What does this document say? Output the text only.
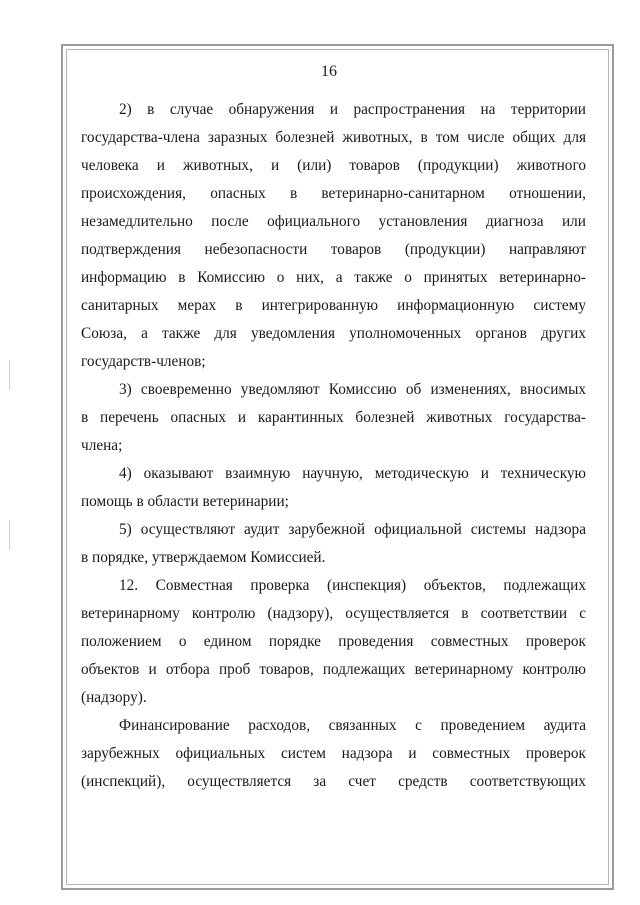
16
2) в случае обнаружения и распространения на территории
государства-члена заразных болезней животных, в том числе общих для
человека и животных, и (или) товаров (продукции) животного
происхождения, опасных в ветеринарно-санитарном отношении,
незамедлительно после официального установления диагноза или
подтверждения небезопасности товаров (продукции) направляют
информацию в Комиссию о них, а также о принятых ветеринарно-
санитарных мерах в интегрированную информационную систему
Союза, а также для уведомления уполномоченных органов других
государств-членов;
3) своевременно уведомляют Комиссию об изменениях, вносимых
в перечень опасных и карантинных болезней животных государства-
члена;
4) оказывают взаимную научную, методическую и техническую
помощь в области ветеринарии;
5) осуществляют аудит зарубежной официальной системы надзора
в порядке, утверждаемом Комиссией.
12. Совместная проверка (инспекция) объектов, подлежащих
ветеринарному контролю (надзору), осуществляется в соответствии с
положением о едином порядке проведения совместных проверок
объектов и отбора проб товаров, подлежащих ветеринарному контролю
(надзору).
Финансирование расходов, связанных с проведением аудита
зарубежных официальных систем надзора и совместных проверок
(инспекций), осуществляется за счет средств соответствующих
